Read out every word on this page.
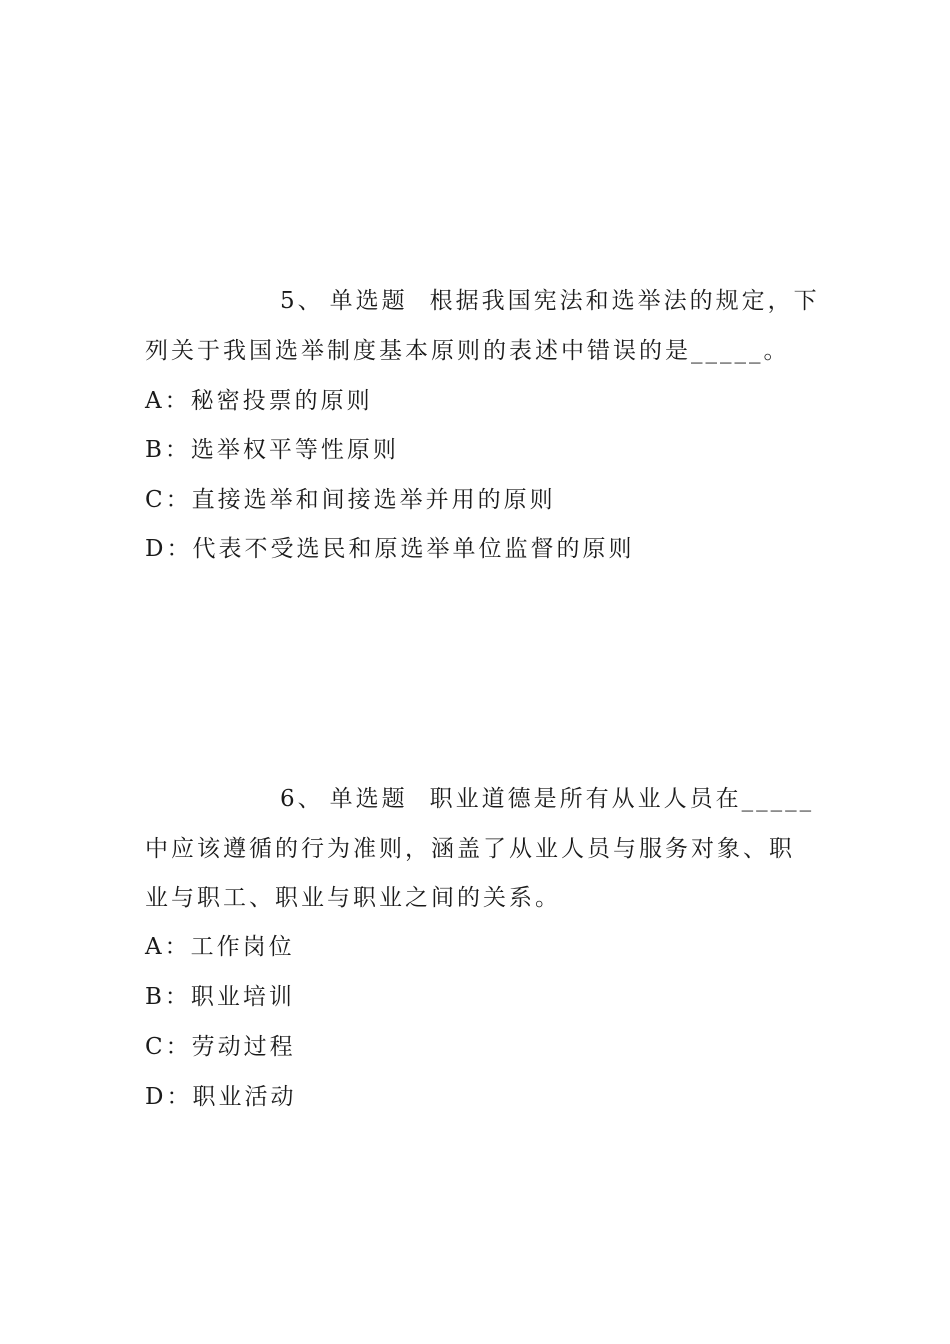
5、 单选题 根据我国宪法和选举法的规定，下
列关于我国选举制度基本原则的表述中错误的是_____。
A：秘密投票的原则
B：选举权平等性原则
C：直接选举和间接选举并用的原则
D：代表不受选民和原选举单位监督的原则
6、 单选题 职业道德是所有从业人员在_____
中应该遵循的行为准则，涵盖了从业人员与服务对象、职
业与职工、职业与职业之间的关系。
A：工作岗位
B：职业培训
C：劳动过程
D：职业活动
